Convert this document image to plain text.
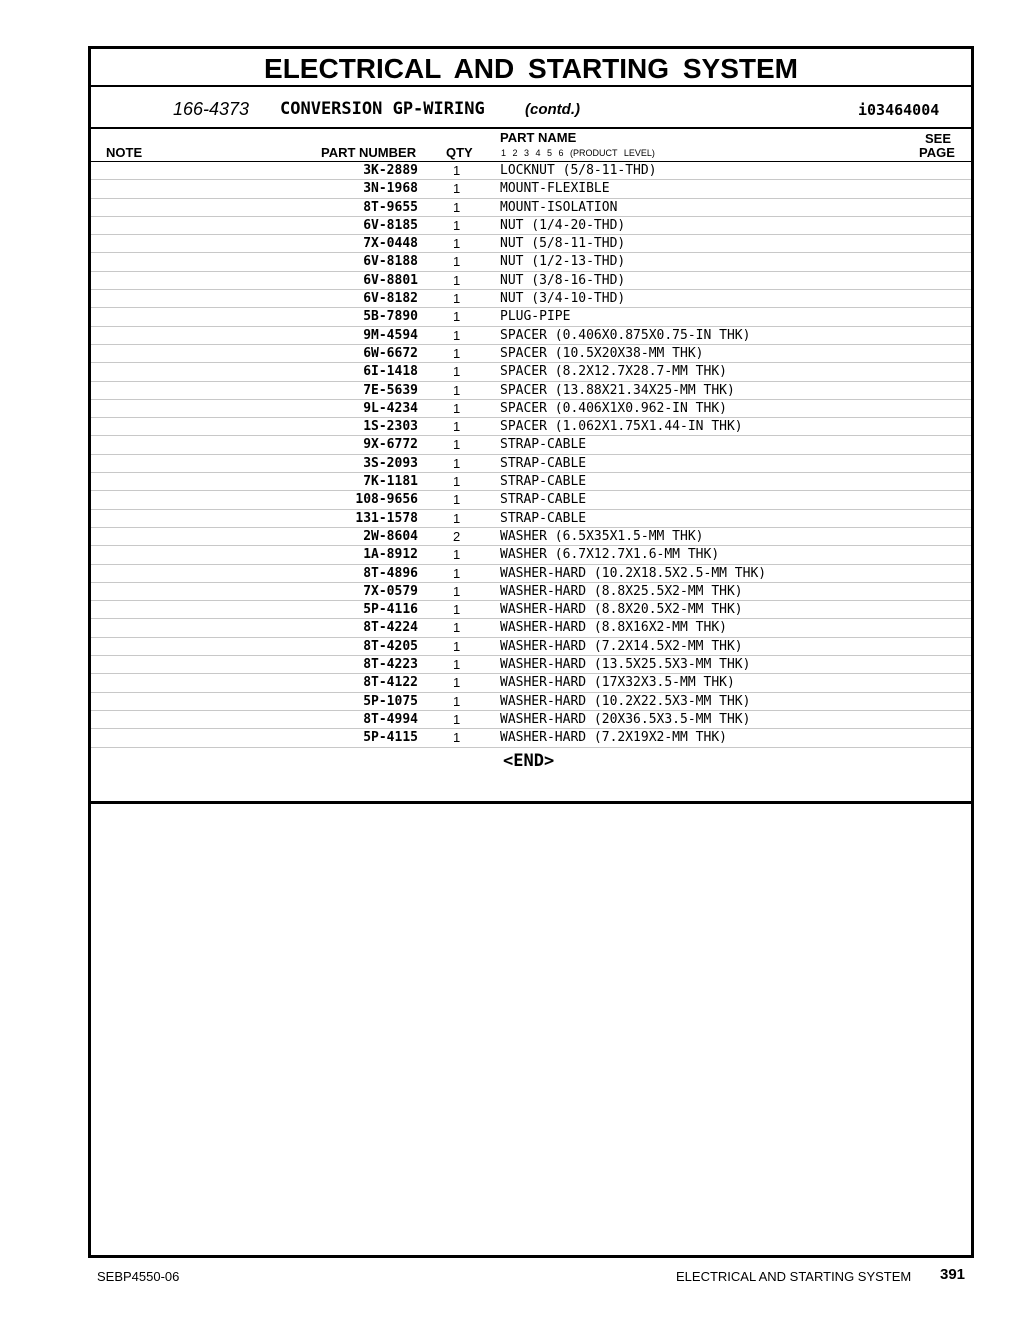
ELECTRICAL AND STARTING SYSTEM
166-4373 CONVERSION GP-WIRING	(contd.)	i03464004
NOTE	PART NUMBER QTY
PART NAME
1 2 3 4 5 6 (PRODUCT LEVEL)
SEE
PAGE
3K-2889	1	LOCKNUT (5/8-11-THD)
3N-1968	1	MOUNT-FLEXIBLE
8T-9655	1	MOUNT-ISOLATION
6V-8185	1	NUT (1/4-20-THD)
7X-0448	1	NUT (5/8-11-THD)
6V-8188	1	NUT (1/2-13-THD)
6V-8801	1	NUT (3/8-16-THD)
6V-8182	1	NUT (3/4-10-THD)
5B-7890	1	PLUG-PIPE
9M-4594	1	SPACER (0.406X0.875X0.75-IN THK)
6W-6672	1	SPACER (10.5X20X38-MM THK)
6I-1418	1	SPACER (8.2X12.7X28.7-MM THK)
7E-5639	1	SPACER (13.88X21.34X25-MM THK)
9L-4234	1	SPACER (0.406X1X0.962-IN THK)
1S-2303	1	SPACER (1.062X1.75X1.44-IN THK)
9X-6772	1	STRAP-CABLE
3S-2093	1	STRAP-CABLE
7K-1181	1	STRAP-CABLE
108-9656	1	STRAP-CABLE
131-1578	1	STRAP-CABLE
2W-8604	2	WASHER (6.5X35X1.5-MM THK)
1A-8912	1	WASHER (6.7X12.7X1.6-MM THK)
8T-4896	1	WASHER-HARD (10.2X18.5X2.5-MM THK)
7X-0579	1	WASHER-HARD (8.8X25.5X2-MM THK)
5P-4116	1	WASHER-HARD (8.8X20.5X2-MM THK)
8T-4224	1	WASHER-HARD (8.8X16X2-MM THK)
8T-4205	1	WASHER-HARD (7.2X14.5X2-MM THK)
8T-4223	1	WASHER-HARD (13.5X25.5X3-MM THK)
8T-4122	1	WASHER-HARD (17X32X3.5-MM THK)
5P-1075	1	WASHER-HARD (10.2X22.5X3-MM THK)
8T-4994	1	WASHER-HARD (20X36.5X3.5-MM THK)
5P-4115	1	WASHER-HARD (7.2X19X2-MM THK)
<END>
SEBP4550-06	ELECTRICAL AND STARTING SYSTEM 391
